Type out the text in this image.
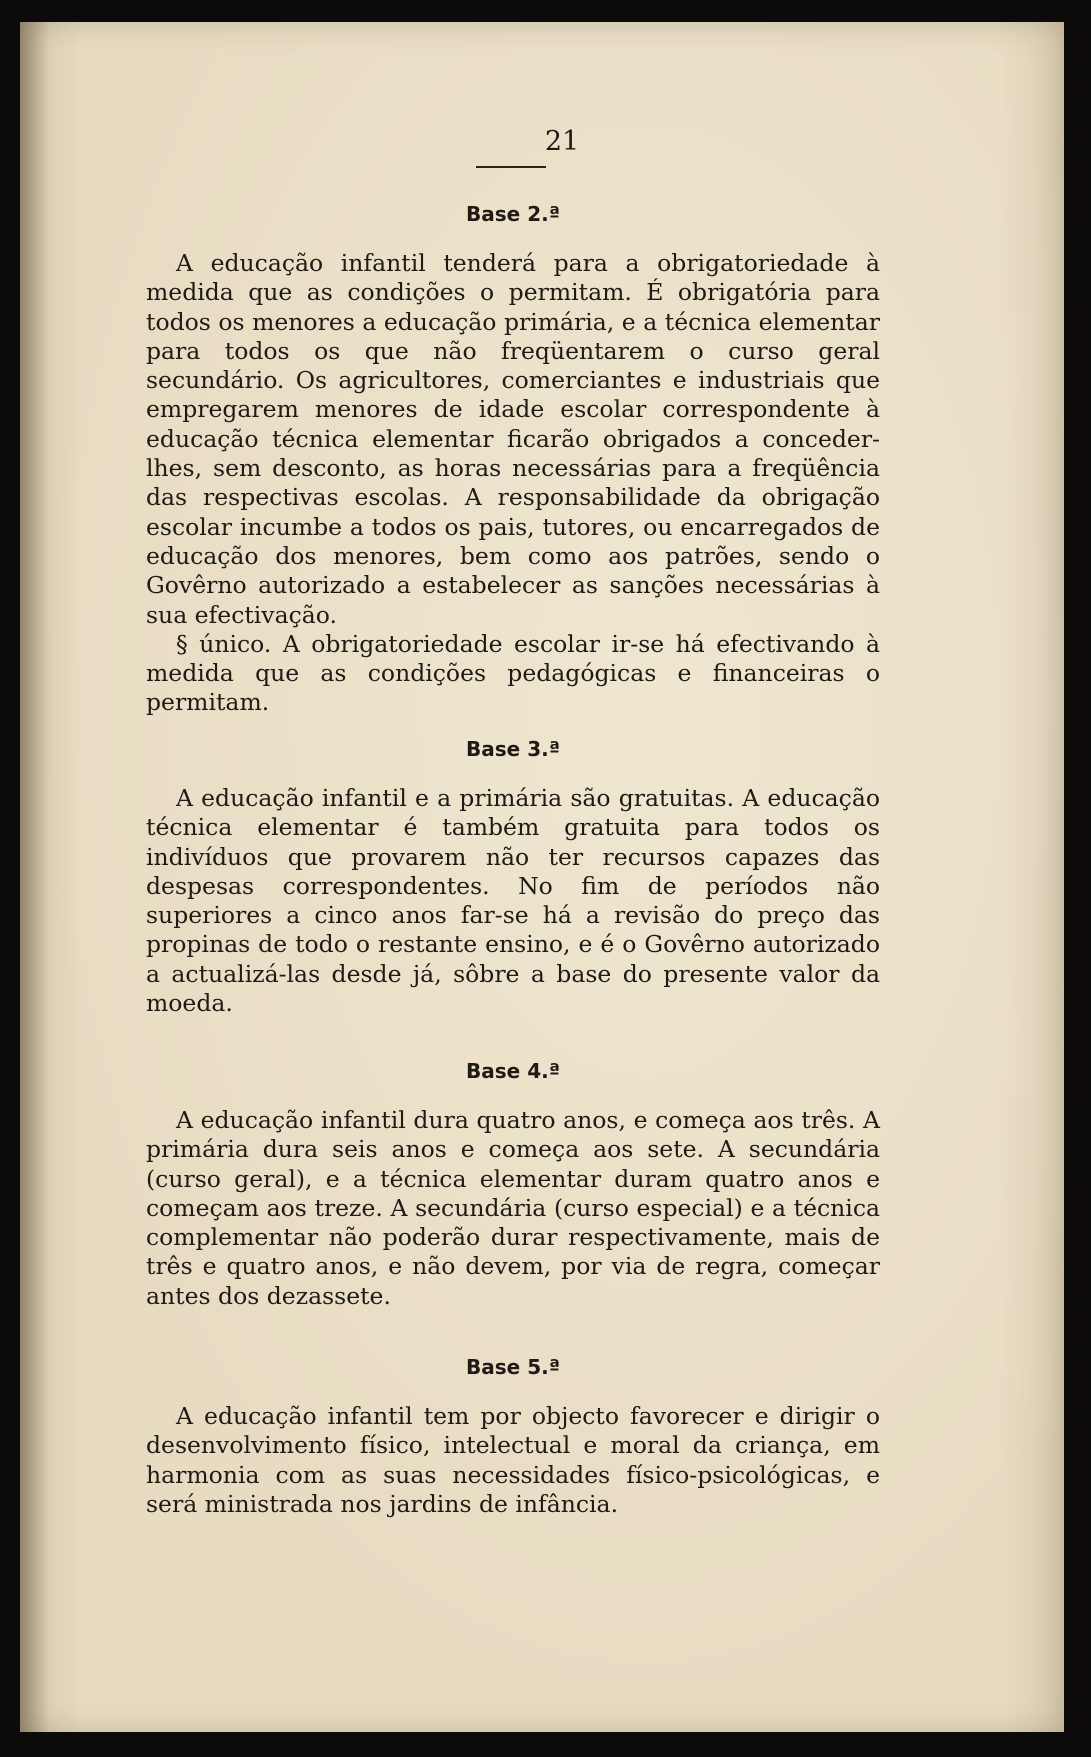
21
Base 2.ª

A educação infantil tenderá para a obrigatoriedade à medida que as condições o permitam. É obrigatória para todos os menores a educação primária, e a técnica elementar para todos os que não freqüentarem o curso geral secundário. Os agricultores, comerciantes e industriais que empregarem menores de idade escolar correspondente à educação técnica elementar ficarão obrigados a conceder-lhes, sem desconto, as horas necessárias para a freqüência das respectivas escolas. A responsabilidade da obrigação escolar incumbe a todos os pais, tutores, ou encarregados de educação dos menores, bem como aos patrões, sendo o Govêrno autorizado a estabelecer as sanções necessárias à sua efectivação.

§ único. A obrigatoriedade escolar ir-se há efectivando à medida que as condições pedagógicas e financeiras o permitam.

Base 3.ª

A educação infantil e a primária são gratuitas. A educação técnica elementar é também gratuita para todos os indivíduos que provarem não ter recursos capazes das despesas correspondentes. No fim de períodos não superiores a cinco anos far-se há a revisão do preço das propinas de todo o restante ensino, e é o Govêrno autorizado a actualizá-las desde já, sôbre a base do presente valor da moeda.

Base 4.ª

A educação infantil dura quatro anos, e começa aos três. A primária dura seis anos e começa aos sete. A secundária (curso geral), e a técnica elementar duram quatro anos e começam aos treze. A secundária (curso especial) e a técnica complementar não poderão durar respectivamente, mais de três e quatro anos, e não devem, por via de regra, começar antes dos dezassete.

Base 5.ª

A educação infantil tem por objecto favorecer e dirigir o desenvolvimento físico, intelectual e moral da criança, em harmonia com as suas necessidades físico-psicológicas, e será ministrada nos jardins de infância.
